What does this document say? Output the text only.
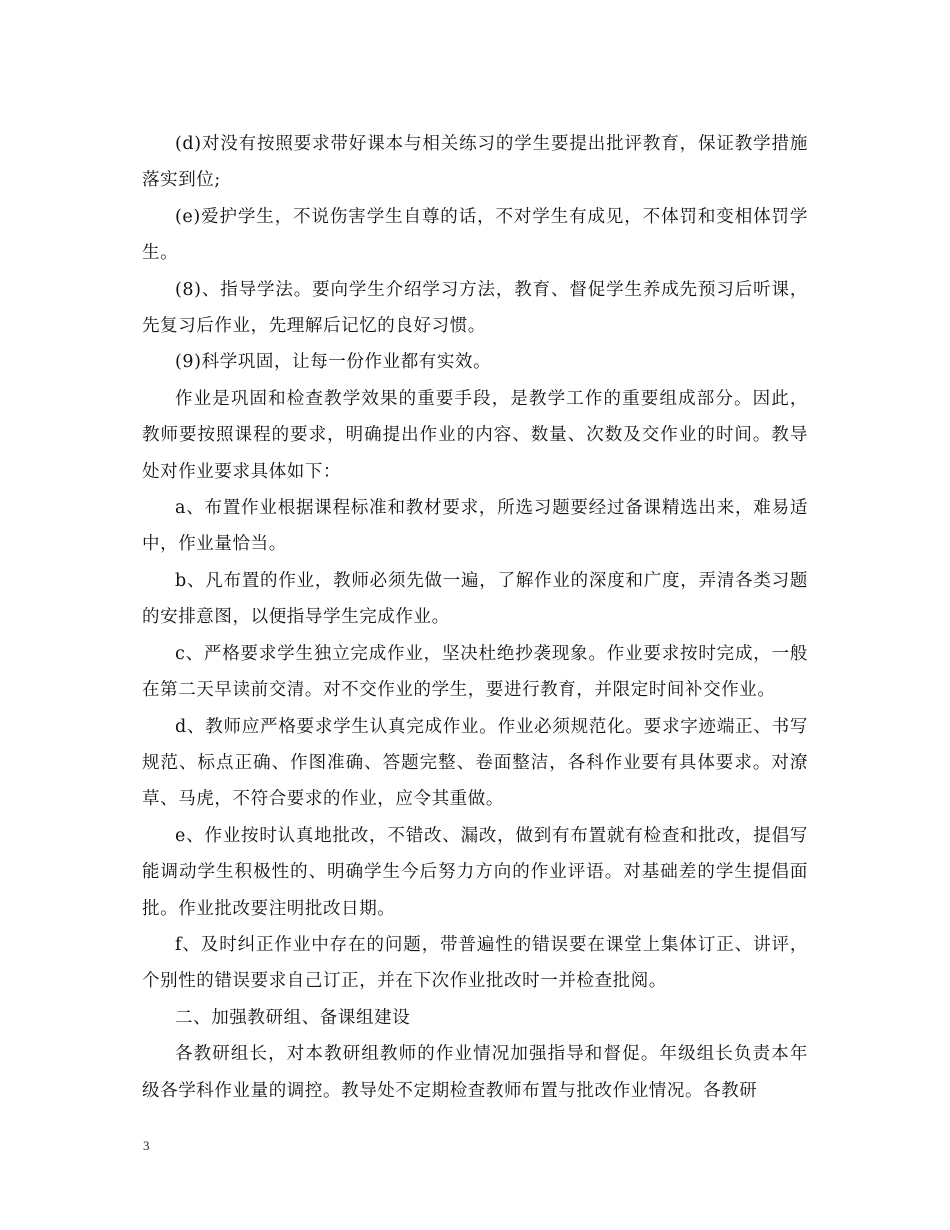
(d)对没有按照要求带好课本与相关练习的学生要提出批评教育，保证教学措施落实到位;

(e)爱护学生，不说伤害学生自尊的话，不对学生有成见，不体罚和变相体罚学生。

(8)、指导学法。要向学生介绍学习方法，教育、督促学生养成先预习后听课，先复习后作业，先理解后记忆的良好习惯。

(9)科学巩固，让每一份作业都有实效。

作业是巩固和检查教学效果的重要手段，是教学工作的重要组成部分。因此，教师要按照课程的要求，明确提出作业的内容、数量、次数及交作业的时间。教导处对作业要求具体如下：

a、布置作业根据课程标准和教材要求，所选习题要经过备课精选出来，难易适中，作业量恰当。

b、凡布置的作业，教师必须先做一遍，了解作业的深度和广度，弄清各类习题的安排意图，以便指导学生完成作业。

c、严格要求学生独立完成作业，坚决杜绝抄袭现象。作业要求按时完成，一般在第二天早读前交清。对不交作业的学生，要进行教育，并限定时间补交作业。

d、教师应严格要求学生认真完成作业。作业必须规范化。要求字迹端正、书写规范、标点正确、作图准确、答题完整、卷面整洁，各科作业要有具体要求。对潦草、马虎，不符合要求的作业，应令其重做。

e、作业按时认真地批改，不错改、漏改，做到有布置就有检查和批改，提倡写能调动学生积极性的、明确学生今后努力方向的作业评语。对基础差的学生提倡面批。作业批改要注明批改日期。

f、及时纠正作业中存在的问题，带普遍性的错误要在课堂上集体订正、讲评，个别性的错误要求自己订正，并在下次作业批改时一并检查批阅。

二、加强教研组、备课组建设

各教研组长，对本教研组教师的作业情况加强指导和督促。年级组长负责本年级各学科作业量的调控。教导处不定期检查教师布置与批改作业情况。各教研

3
